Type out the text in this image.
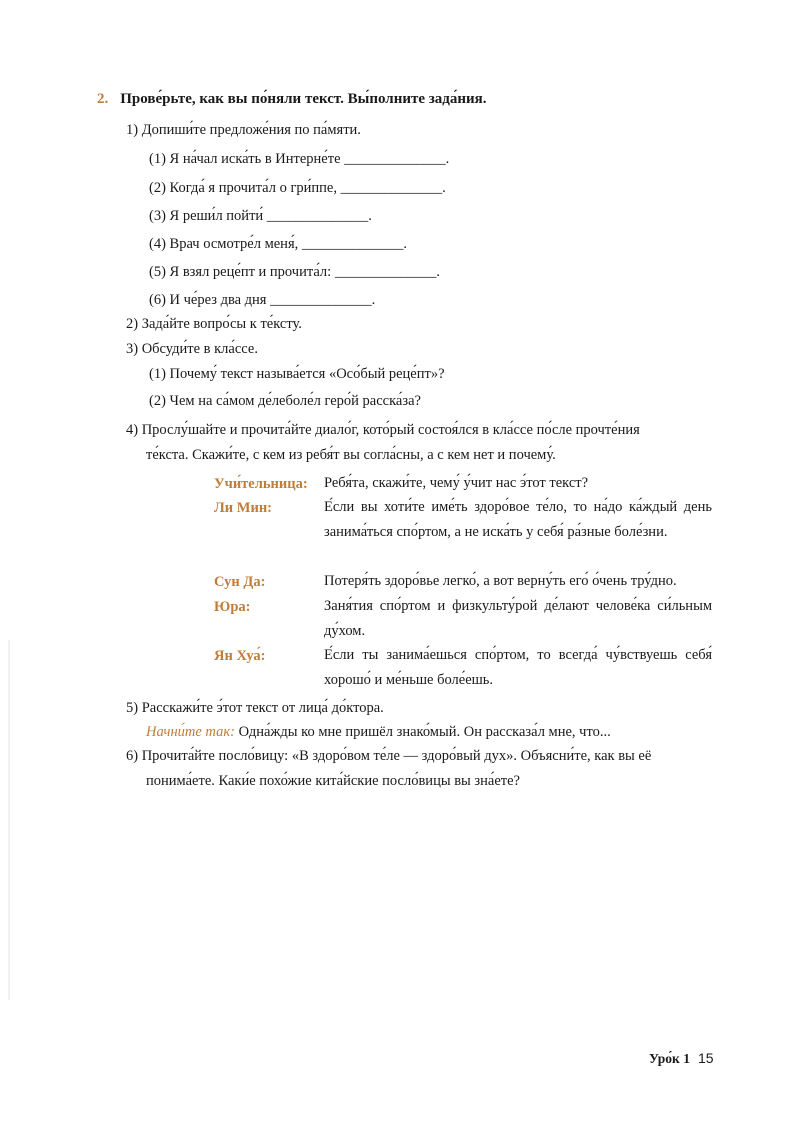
2. Прове́рьте, как вы по́няли текст. Вы́полните зада́ния.
1) Допиши́те предложе́ния по па́мяти.
(1) Я на́чал иска́ть в Интерне́те ______________.
(2) Когда́ я прочита́л о гри́ппе, ______________.
(3) Я реши́л пойти́ ______________.
(4) Врач осмотре́л меня́, ______________.
(5) Я взял реце́пт и прочита́л: ______________.
(6) И че́рез два дня ______________.
2) Зада́йте вопро́сы к те́ксту.
3) Обсуди́те в кла́ссе.
(1) Почему́ текст называ́ется «Осо́бый реце́пт»?
(2) Чем на са́мом де́леболе́л геро́й расска́за?
4) Прослу́шайте и прочита́йте диало́г, кото́рый состоя́лся в кла́ссе по́сле прочте́ния
те́кста. Скажи́те, с кем из ребя́т вы согла́сны, а с кем нет и почему́.
Учи́тельница: Ребя́та, скажи́те, чему́ у́чит нас э́тот текст?
Ли Мин:	Е́сли вы хоти́те име́ть здоро́вое те́ло, то на́до ка́ждый день занима́ться спо́ртом, а не иска́ть у себя́ ра́зные боле́зни.
Сун Да:	Потеря́ть здоро́вье легко́, а вот верну́ть его́ о́чень тру́дно.
Юра:	Заня́тия спо́ртом и физкульту́рой де́лают челове́ка си́льным ду́хом.
Ян Хуа́:	Е́сли ты занима́ешься спо́ртом, то всегда́ чу́вствуешь себя́ хорошо́ и ме́ньше боле́ешь.
5) Расскажи́те э́тот текст от лица́ до́ктора.
Начни́те так: Одна́жды ко мне пришёл знако́мый. Он рассказа́л мне, что...
6) Прочита́йте посло́вицу: «В здоро́вом те́ле — здоро́вый дух». Объясни́те, как вы её
понима́ете. Каки́е похо́жие кита́йские посло́вицы вы зна́ете?
Уро́к 1 15
